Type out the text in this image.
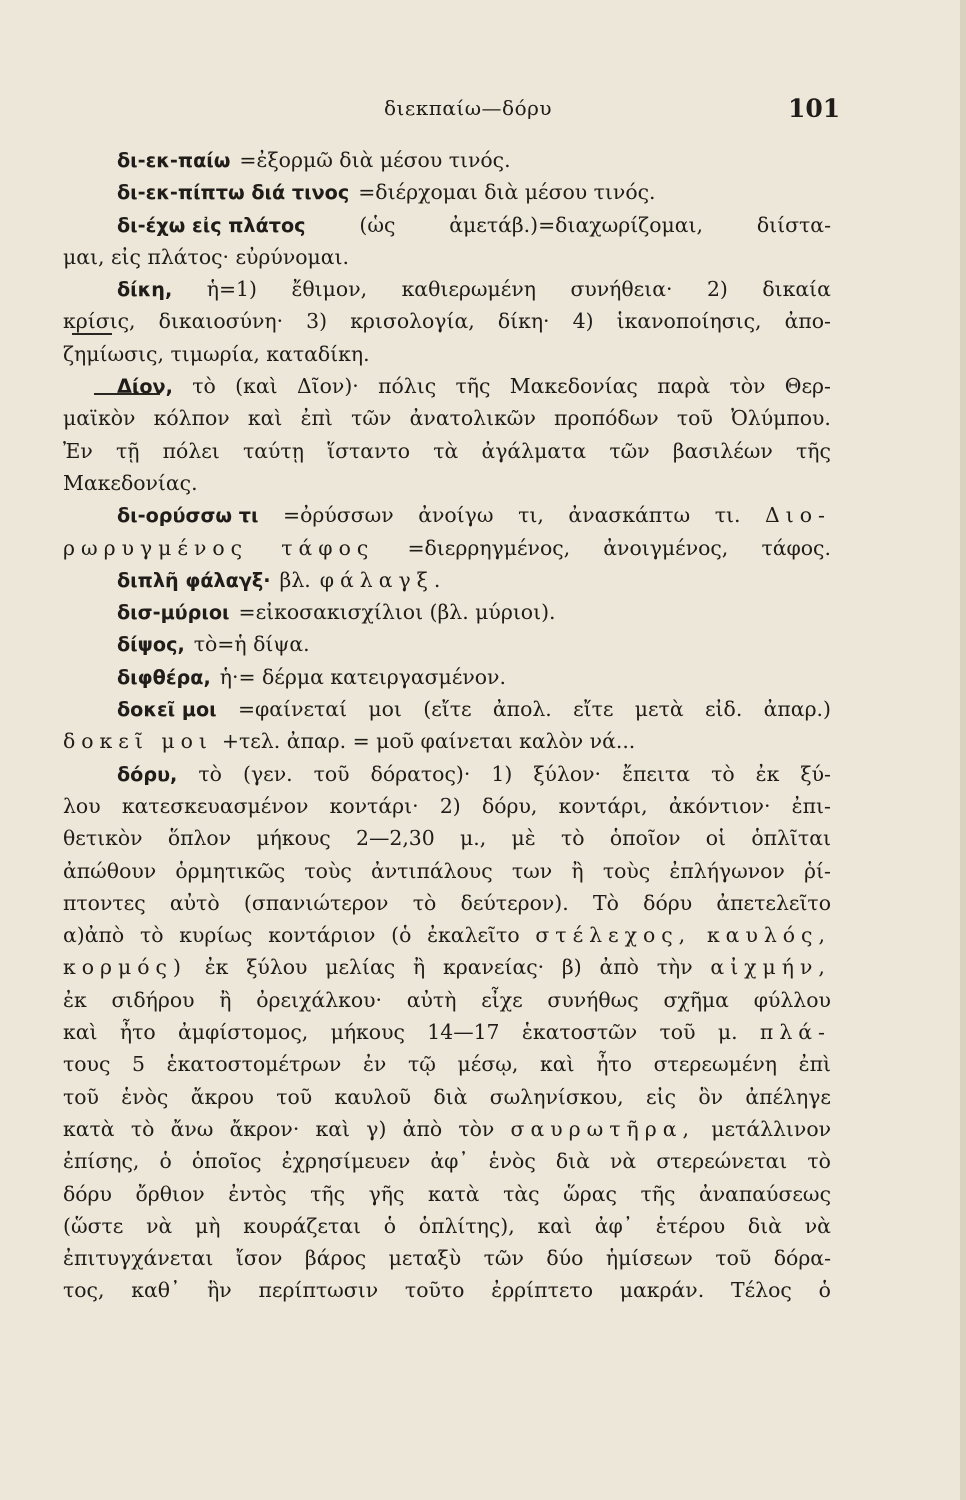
διεκπαίω—δόρυ	101
δι-εκ-παίω =ἐξορμῶ διὰ μέσου τινός.
δι-εκ-πίπτω διά τινος =διέρχομαι διὰ μέσου τινός.
δι-έχω εἰς πλάτος	(ὡς	ἀμετάβ.)=διαχωρίζομαι,	διίστα-
μαι, εἰς πλάτος· εὐρύνομαι.
δίκη, ἡ=1) ἔθιμον, καθιερωμένη συνήθεια· 2) δικαία
κρίσις, δικαιοσύνη· 3) κρισολογία, δίκη· 4) ἱκανοποίησις, ἀπο-
ζημίωσις, τιμωρία, καταδίκη.
Δίον, τὸ (καὶ Δῖον)· πόλις τῆς Μακεδονίας παρὰ τὸν Θερ-
μαϊκὸν κόλπον καὶ ἐπὶ τῶν ἀνατολικῶν προπόδων τοῦ Ὀλύμπου.
Ἐν τῇ πόλει ταύτῃ ἵσταντο τὰ ἀγάλματα τῶν βασιλέων τῆς
Μακεδονίας.
δι-ορύσσω τι =ὀρύσσων ἀνοίγω τι, ἀνασκάπτω τι. Διο-
ρωρυγμένος τάφος =διερρηγμένος, ἀνοιγμένος, τάφος.
διπλῆ φάλαγξ· βλ. φάλαγξ.
δισ-μύριοι =εἰκοσακισχίλιοι (βλ. μύριοι).
δίψος, τὸ=ἡ δίψα.
διφθέρα, ἡ·= δέρμα κατειργασμένον.
δοκεῖ μοι =φαίνεταί μοι (εἴτε ἀπολ. εἴτε μετὰ εἰδ. ἀπαρ.)
δοκεῖ μοι +τελ. ἀπαρ. = μοῦ φαίνεται καλὸν νά...
δόρυ, τὸ (γεν. τοῦ δόρατος)· 1) ξύλον· ἔπειτα τὸ ἐκ ξύ-
λου κατεσκευασμένον κοντάρι· 2) δόρυ, κοντάρι, ἀκόντιον· ἐπι-
θετικὸν ὅπλον μήκους 2—2,30 μ., μὲ τὸ ὁποῖον οἱ ὁπλῖται
ἀπώθουν ὁρμητικῶς τοὺς ἀντιπάλους των ἢ τοὺς ἐπλήγωνον ῥί-
πτοντες αὐτὸ (σπανιώτερον τὸ δεύτερον). Τὸ δόρυ ἀπετελεῖτο
α)ἀπὸ τὸ κυρίως κοντάριον (ὁ ἐκαλεῖτο στέλεχος, καυλός,
κορμός) ἐκ ξύλου μελίας ἢ κρανείας· β) ἀπὸ τὴν αἰχμήν,
ἐκ σιδήρου ἢ ὀρειχάλκου· αὐτὴ εἶχε συνήθως σχῆμα φύλλου
καὶ ἦτο ἀμφίστομος, μήκους 14—17 ἑκατοστῶν τοῦ μ. πλά-
τους 5 ἑκατοστομέτρων ἐν τῷ μέσῳ, καὶ ἦτο στερεωμένη ἐπὶ
τοῦ ἑνὸς ἄκρου τοῦ καυλοῦ διὰ σωληνίσκου, εἰς ὃν ἀπέληγε
κατὰ τὸ ἄνω ἄκρον· καὶ γ) ἀπὸ τὸν σαυρωτῆρα, μετάλλινον
ἐπίσης, ὁ ὁποῖος ἐχρησίμευεν ἀφ᾽ ἑνὸς διὰ νὰ στερεώνεται τὸ
δόρυ ὄρθιον ἐντὸς τῆς γῆς κατὰ τὰς ὥρας τῆς ἀναπαύσεως
(ὥστε νὰ μὴ κουράζεται ὁ ὁπλίτης), καὶ ἀφ᾽ ἑτέρου διὰ νὰ
ἐπιτυγχάνεται ἴσον βάρος μεταξὺ τῶν δύο ἡμίσεων τοῦ δόρα-
τος, καθ᾽ ἣν περίπτωσιν τοῦτο ἐρρίπτετο μακράν. Τέλος ὁ
